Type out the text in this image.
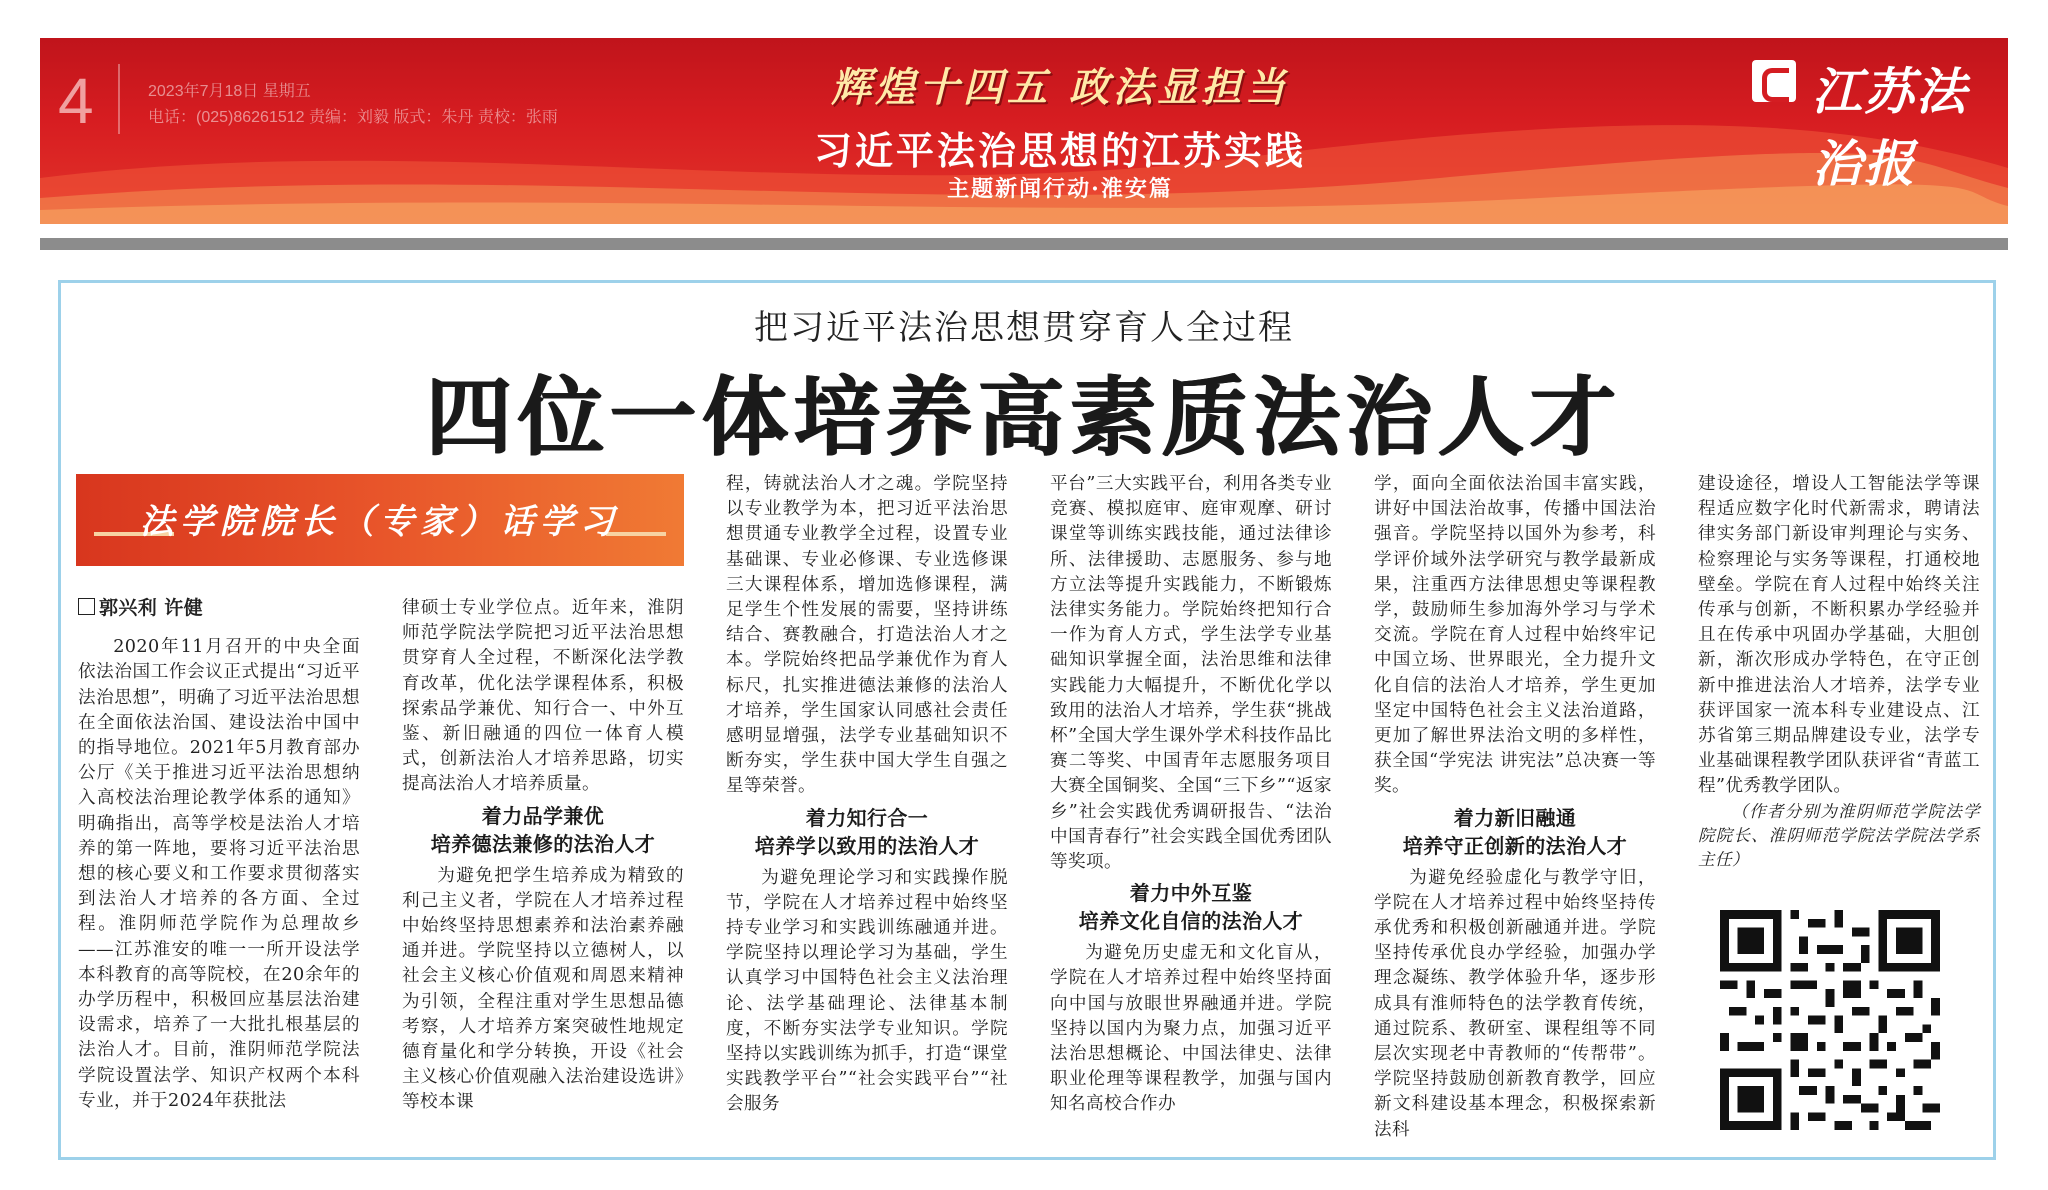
4	2023年7月18日 星期五
电话：(025)86261512 责编：刘毅 版式：朱丹 责校：张雨
辉煌十四五 政法显担当
习近平法治思想的江苏实践
主题新闻行动·淮安篇
江苏法治报
把习近平法治思想贯穿育人全过程
四位一体培养高素质法治人才
法学院院长（专家）话学习
郭兴利 许健

2020年11月召开的中央全面依法治国工作会议正式提出“习近平法治思想”，明确了习近平法治思想在全面依法治国、建设法治中国中的指导地位。2021年5月教育部办公厅《关于推进习近平法治思想纳入高校法治理论教学体系的通知》明确指出，高等学校是法治人才培养的第一阵地，要将习近平法治思想的核心要义和工作要求贯彻落实到法治人才培养的各方面、全过程。淮阴师范学院作为总理故乡——江苏淮安的唯一一所开设法学本科教育的高等院校，在20余年的办学历程中，积极回应基层法治建设需求，培养了一大批扎根基层的法治人才。目前，淮阴师范学院法学院设置法学、知识产权两个本科专业，并于2024年获批法

律硕士专业学位点。近年来，淮阴师范学院法学院把习近平法治思想贯穿育人全过程，不断深化法学教育改革，优化法学课程体系，积极探索品学兼优、知行合一、中外互鉴、新旧融通的四位一体育人模式，创新法治人才培养思路，切实提高法治人才培养质量。

着力品学兼优
培养德法兼修的法治人才

为避免把学生培养成为精致的利己主义者，学院在人才培养过程中始终坚持思想素养和法治素养融通并进。学院坚持以立德树人，以社会主义核心价值观和周恩来精神为引领，全程注重对学生思想品德考察，人才培养方案突破性地规定德育量化和学分转换，开设《社会主义核心价值观融入法治建设选讲》等校本课

程，铸就法治人才之魂。学院坚持以专业教学为本，把习近平法治思想贯通专业教学全过程，设置专业基础课、专业必修课、专业选修课三大课程体系，增加选修课程，满足学生个性发展的需要，坚持讲练结合、赛教融合，打造法治人才之本。学院始终把品学兼优作为育人标尺，扎实推进德法兼修的法治人才培养，学生国家认同感社会责任感明显增强，法学专业基础知识不断夯实，学生获中国大学生自强之星等荣誉。

着力知行合一
培养学以致用的法治人才

为避免理论学习和实践操作脱节，学院在人才培养过程中始终坚持专业学习和实践训练融通并进。学院坚持以理论学习为基础，学生认真学习中国特色社会主义法治理论、法学基础理论、法律基本制度，不断夯实法学专业知识。学院坚持以实践训练为抓手，打造“课堂实践教学平台”“社会实践平台”“社会服务

平台”三大实践平台，利用各类专业竞赛、模拟庭审、庭审观摩、研讨课堂等训练实践技能，通过法律诊所、法律援助、志愿服务、参与地方立法等提升实践能力，不断锻炼法律实务能力。学院始终把知行合一作为育人方式，学生法学专业基础知识掌握全面，法治思维和法律实践能力大幅提升，不断优化学以致用的法治人才培养，学生获“挑战杯”全国大学生课外学术科技作品比赛二等奖、中国青年志愿服务项目大赛全国铜奖、全国“三下乡”“返家乡”社会实践优秀调研报告、“法治中国青春行”社会实践全国优秀团队等奖项。

着力中外互鉴
培养文化自信的法治人才

为避免历史虚无和文化盲从，学院在人才培养过程中始终坚持面向中国与放眼世界融通并进。学院坚持以国内为聚力点，加强习近平法治思想概论、中国法律史、法律职业伦理等课程教学，加强与国内知名高校合作办

学，面向全面依法治国丰富实践，讲好中国法治故事，传播中国法治强音。学院坚持以国外为参考，科学评价域外法学研究与教学最新成果，注重西方法律思想史等课程教学，鼓励师生参加海外学习与学术交流。学院在育人过程中始终牢记中国立场、世界眼光，全力提升文化自信的法治人才培养，学生更加坚定中国特色社会主义法治道路，更加了解世界法治文明的多样性，获全国“学宪法 讲宪法”总决赛一等奖。

着力新旧融通
培养守正创新的法治人才

为避免经验虚化与教学守旧，学院在人才培养过程中始终坚持传承优秀和积极创新融通并进。学院坚持传承优良办学经验，加强办学理念凝练、教学体验升华，逐步形成具有淮师特色的法学教育传统，通过院系、教研室、课程组等不同层次实现老中青教师的“传帮带”。学院坚持鼓励创新教育教学，回应新文科建设基本理念，积极探索新法科

建设途径，增设人工智能法学等课程适应数字化时代新需求，聘请法律实务部门新设审判理论与实务、检察理论与实务等课程，打通校地壁垒。学院在育人过程中始终关注传承与创新，不断积累办学经验并且在传承中巩固办学基础，大胆创新，渐次形成办学特色，在守正创新中推进法治人才培养，法学专业获评国家一流本科专业建设点、江苏省第三期品牌建设专业，法学专业基础课程教学团队获评省“青蓝工程”优秀教学团队。

（作者分别为淮阴师范学院法学院院长、淮阴师范学院法学院法学系主任）
